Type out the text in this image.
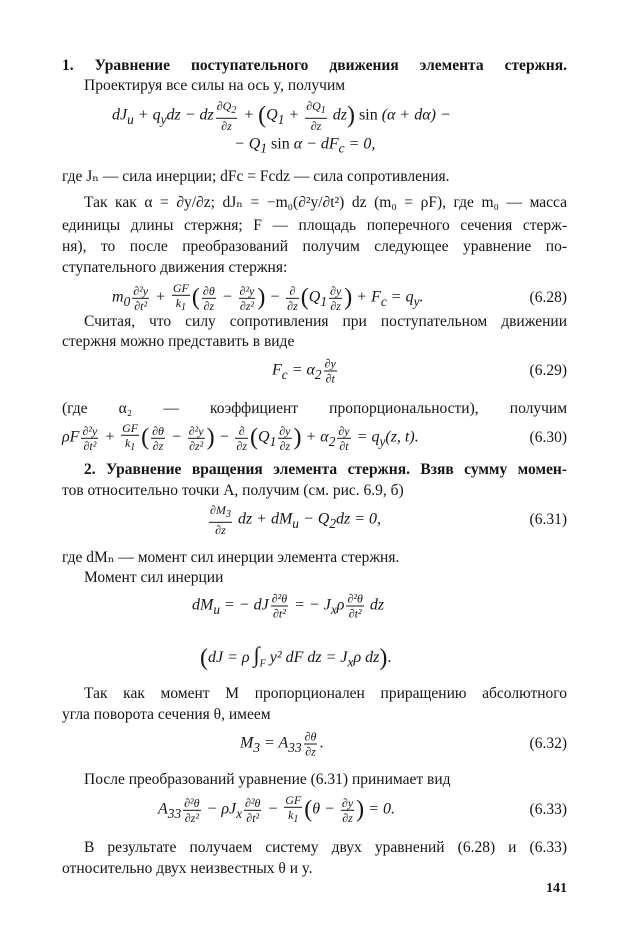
1. Уравнение поступательного движения элемента стержня.
Проектируя все силы на ось y, получим
$dJ_и + q_ydz$ − dz $\frac{\partial Q_2}{\partial z} + (Q_1 + \frac{\partial Q_1}{\partial z} dz)$ sin (α + dα) −
− $Q_1$ $\sin \alpha - dF_c = 0$,
где Jₙ — сила инерции; dFс = Fсdz — сила сопротивления.
Так как α = ∂y/∂z; dJₙ = −m₀(∂²y/∂t²) dz (m₀ = ρF), где m₀ — масса
единицы длины стержня; F — площадь поперечного сечения стерж-
ня), то после преобразований получим следующее уравнение по-
ступательного движения стержня:
$m_0 \frac{\text{∂²y}}{\text{∂t²}} + \frac{GF}{k_1}$ ( $\frac{\partial\theta}{\partial z} - \frac{\text{∂²y}}{\text{∂z²}}$ ) − $\frac{\partial}{\partial z} (Q_1 \frac{\partial y}{\partial z}$ ) + $F_c = q_y$.	(6.28)
Считая, что силу сопротивления при поступательном движении
стержня можно представить в виде
$F_c = \alpha_2 \frac{\partial y}{\partial t}$	(6.29)
(где α₂ — коэффициент пропорциональности), получим
ρF $\frac{\text{∂²y}}{\text{∂t²}} + \frac{GF}{k_1}$ ( $\frac{\partial\theta}{\partial z} - \frac{\text{∂²y}}{\text{∂z²}}$ ) − $\frac{\partial}{\partial z} (Q_1 \frac{\partial y}{\partial z}$ ) + $\alpha_2 \frac{\partial y}{\partial t} = q_y(z$, t).	(6.30)
2. Уравнение вращения элемента стержня. Взяв сумму момен-
тов относительно точки A, получим (см. рис. 6.9, б)
$\frac{\partial M_3}{\partial z}$ dz + $dM_и - Q_2dz = 0$,	(6.31)
где dMₙ — момент сил инерции элемента стержня.
Момент сил инерции
$dM_и$ = − dJ $\frac{\text{∂²θ}}{\text{∂t²}}$ = − $J_x\rho \frac{\text{∂²θ}}{\text{∂t²}}$ dz
(dJ = ρ $\int_F$ y² dF dz = $J_x\rho$ dz).
Так как момент M пропорционален приращению абсолютного
угла поворота сечения θ, имеем
$M_3 = A_{33} \frac{\partial\theta}{\partial z}$ .	(6.32)
После преобразований уравнение (6.31) принимает вид
$A_{33} \frac{\text{∂²θ}}{\text{∂z²}} - \rho J_x \frac{\text{∂²θ}}{\text{∂t²}} - \frac{GF}{k_1} (\theta - \frac{\partial y}{\partial z}$ ) = 0.	(6.33)
В результате получаем систему двух уравнений (6.28) и (6.33)
относительно двух неизвестных θ и y.
141
